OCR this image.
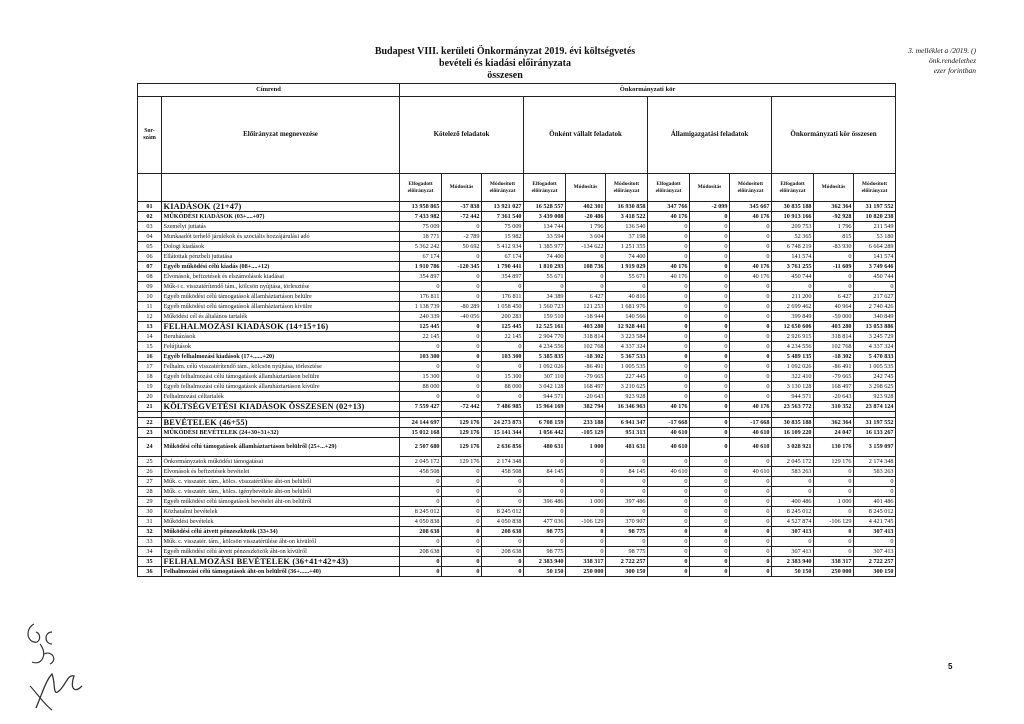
Budapest VIII. kerületi Önkormányzat 2019. évi költségvetés
bevételi és kiadási előirányzata
összesen
3. melléklet a /2019. ()
önk.rendelethez
ezer forintban
Címrend		Önkormányzati kör											
Sor-szám	Előirányzat megnevezése	Kötelező feladatok			Önként vállalt feladatok			Államigazgatási feladatok			Önkormányzati kör összesen		
		Elfogadott előirányzat	Módosítás	Módosított előirányzat	Elfogadott előirányzat	Módosítás	Módosított előirányzat	Elfogadott előirányzat	Módosítás	Módosított előirányzat	Elfogadott előirányzat	Módosítás	Módosított előirányzat
01	KIADÁSOK (21+47)	13 958 865	-37 838	13 921 027	16 528 557	402 301	16 930 858	347 766	-2 099	345 667	30 835 188	362 364	31 197 552
02	MŰKÖDÉSI KIADÁSOK (03+....+07)	7 433 982	-72 442	7 361 540	3 439 008	-20 486	3 418 522	40 176	0	40 176	10 913 166	-92 928	10 820 238
03	Személyi juttatás	75 009	0	75 009	134 744	1 796	136 540	0	0	0	209 753	1 796	211 549
04	Munkaadót terhelő járulékok és szociális hozzájárulási adó	18 771	-2 789	15 982	33 594	3 604	37 198	0	0	0	52 365	815	53 180
05	Dologi kiadások	5 362 242	50 692	5 412 934	1 385 977	-134 622	1 251 355	0	0	0	6 748 219	-83 930	6 664 289
06	Ellátottak pénzbeli juttatása	67 174	0	67 174	74 400	0	74 400	0	0	0	141 574	0	141 574
07	Egyéb működési célú kiadás (08+....+12)	1 910 786	-120 345	1 790 441	1 810 293	108 736	1 919 029	40 176	0	40 176	3 761 255	-11 609	3 749 646
08	Elvonások, befizetések és elszámolások kiadásai	354 897	0	354 897	55 671	0	55 671	40 176	0	40 176	450 744	0	450 744
09	Műk-i c. visszatérítendő tám., kölcsön nyújtása, törlesztése	0	0	0	0	0	0	0	0	0	0	0	0
10	Egyéb működési célú támogatások államháztartáson belülre	176 811	0	176 811	34 389	6 427	40 816	0	0	0	211 200	6 427	217 627
11	Egyéb működési célú támogatások államháztartáson kívülre	1 138 739	-80 289	1 058 450	1 560 723	121 253	1 681 976	0	0	0	2 699 462	40 964	2 740 426
12	Működési cél és általános tartalék	240 339	-40 056	200 283	159 510	-18 944	140 566	0	0	0	399 849	-59 000	340 849
13	FELHALMOZÁSI KIADÁSOK (14+15+16)	125 445	0	125 445	12 525 161	403 280	12 928 441	0	0	0	12 650 606	403 280	13 053 886
14	Beruházások	22 145	0	22 145	2 904 770	318 814	3 223 584	0	0	0	2 926 915	318 814	3 245 729
15	Felújítások	0	0	0	4 234 556	102 768	4 337 324	0	0	0	4 234 556	102 768	4 337 324
16	Egyéb felhalmozási kiadások (17+......+20)	103 300	0	103 300	5 385 835	-18 302	5 367 533	0	0	0	5 489 135	-18 302	5 470 833
17	Felhalm. célú visszatérítendő tám., kölcsön nyújtása, törlesztése	0	0	0	1 092 026	-86 491	1 005 535	0	0	0	1 092 026	-86 491	1 005 535
18	Egyéb felhalmozási célú támogatások államháztartáson belülre	15 300	0	15 300	307 110	-79 665	227 445	0	0	0	322 410	-79 665	242 745
19	Egyéb felhalmozási célú támogatások államháztartáson kívülre	88 000	0	88 000	3 042 128	168 497	3 210 625	0	0	0	3 130 128	168 497	3 298 625
20	Felhalmozási céltartalék	0	0	0	944 571	-20 643	923 928	0	0	0	944 571	-20 643	923 928
21	KÖLTSÉGVETÉSI KIADÁSOK ÖSSZESEN (02+13)	7 559 427	-72 442	7 486 985	15 964 169	382 794	16 346 963	40 176	0	40 176	23 563 772	310 352	23 874 124

22	BEVÉTELEK (46+55)	24 144 697	129 176	24 273 873	6 708 159	233 188	6 941 347	-17 668	0	-17 668	30 835 188	362 364	31 197 552
23	MŰKÖDÉSI BEVÉTELEK (24+30+31+32)	15 012 168	129 176	15 141 344	1 056 442	-105 129	951 313	40 610	0	40 610	16 109 220	24 047	16 133 267
24	Működési célú támogatások államháztartáson belülről (25+...+29)	2 507 680	129 176	2 636 856	480 631	1 000	481 631	40 610	0	40 610	3 028 921	130 176	3 159 097
25	Önkormányzatok működési támogatásai	2 045 172	129 176	2 174 348	0	0	0	0	0	0	2 045 172	129 176	2 174 348
26	Elvonások és befizetések bevételei	458 508	0	458 508	84 145	0	84 145	40 610	0	40 610	583 263	0	583 263
27	Műk. c. visszatér. tám., kölcs. visszatérülése áht-on belülről	0	0	0	0	0	0	0	0	0	0	0	0
28	Műk. c. visszatér. tám., kölcs. igénybevétele áht-on belülről	0	0	0	0	0	0	0	0	0	0	0	0
29	Egyéb működési célú támogatások bevételei áht-on belülről	0	0	0	396 486	1 000	397 486	0	0	0	400 486	1 000	401 486
30	Közhatalmi bevételek	8 245 012	0	8 245 012	0	0	0	0	0	0	8 245 012	0	8 245 012
31	Működési bevételek	4 050 838	0	4 050 838	477 036	-106 129	370 907	0	0	0	4 527 874	-106 129	4 421 745
32	Működési célú átvett pénzeszközök (33+34)	208 638	0	208 638	98 775	0	98 775	0	0	0	307 413	0	307 413
33	Műk. c. visszatér. tám., kölcsön visszatérülése áht-on kívülről	0	0	0	0	0	0	0	0	0	0	0	0
34	Egyéb működési célú átvett pénzeszközök áht-on kívülről	208 638	0	208 638	98 775	0	98 775	0	0	0	307 413	0	307 413
35	FELHALMOZÁSI BEVÉTELEK (36+41+42+43)	0	0	0	2 383 940	338 317	2 722 257	0	0	0	2 383 940	338 317	2 722 257
36	Felhalmozási célú támogatások áht-on belülről (36+......+40)	0	0	0	50 150	250 000	300 150	0	0	0	50 150	250 000	300 150
5
